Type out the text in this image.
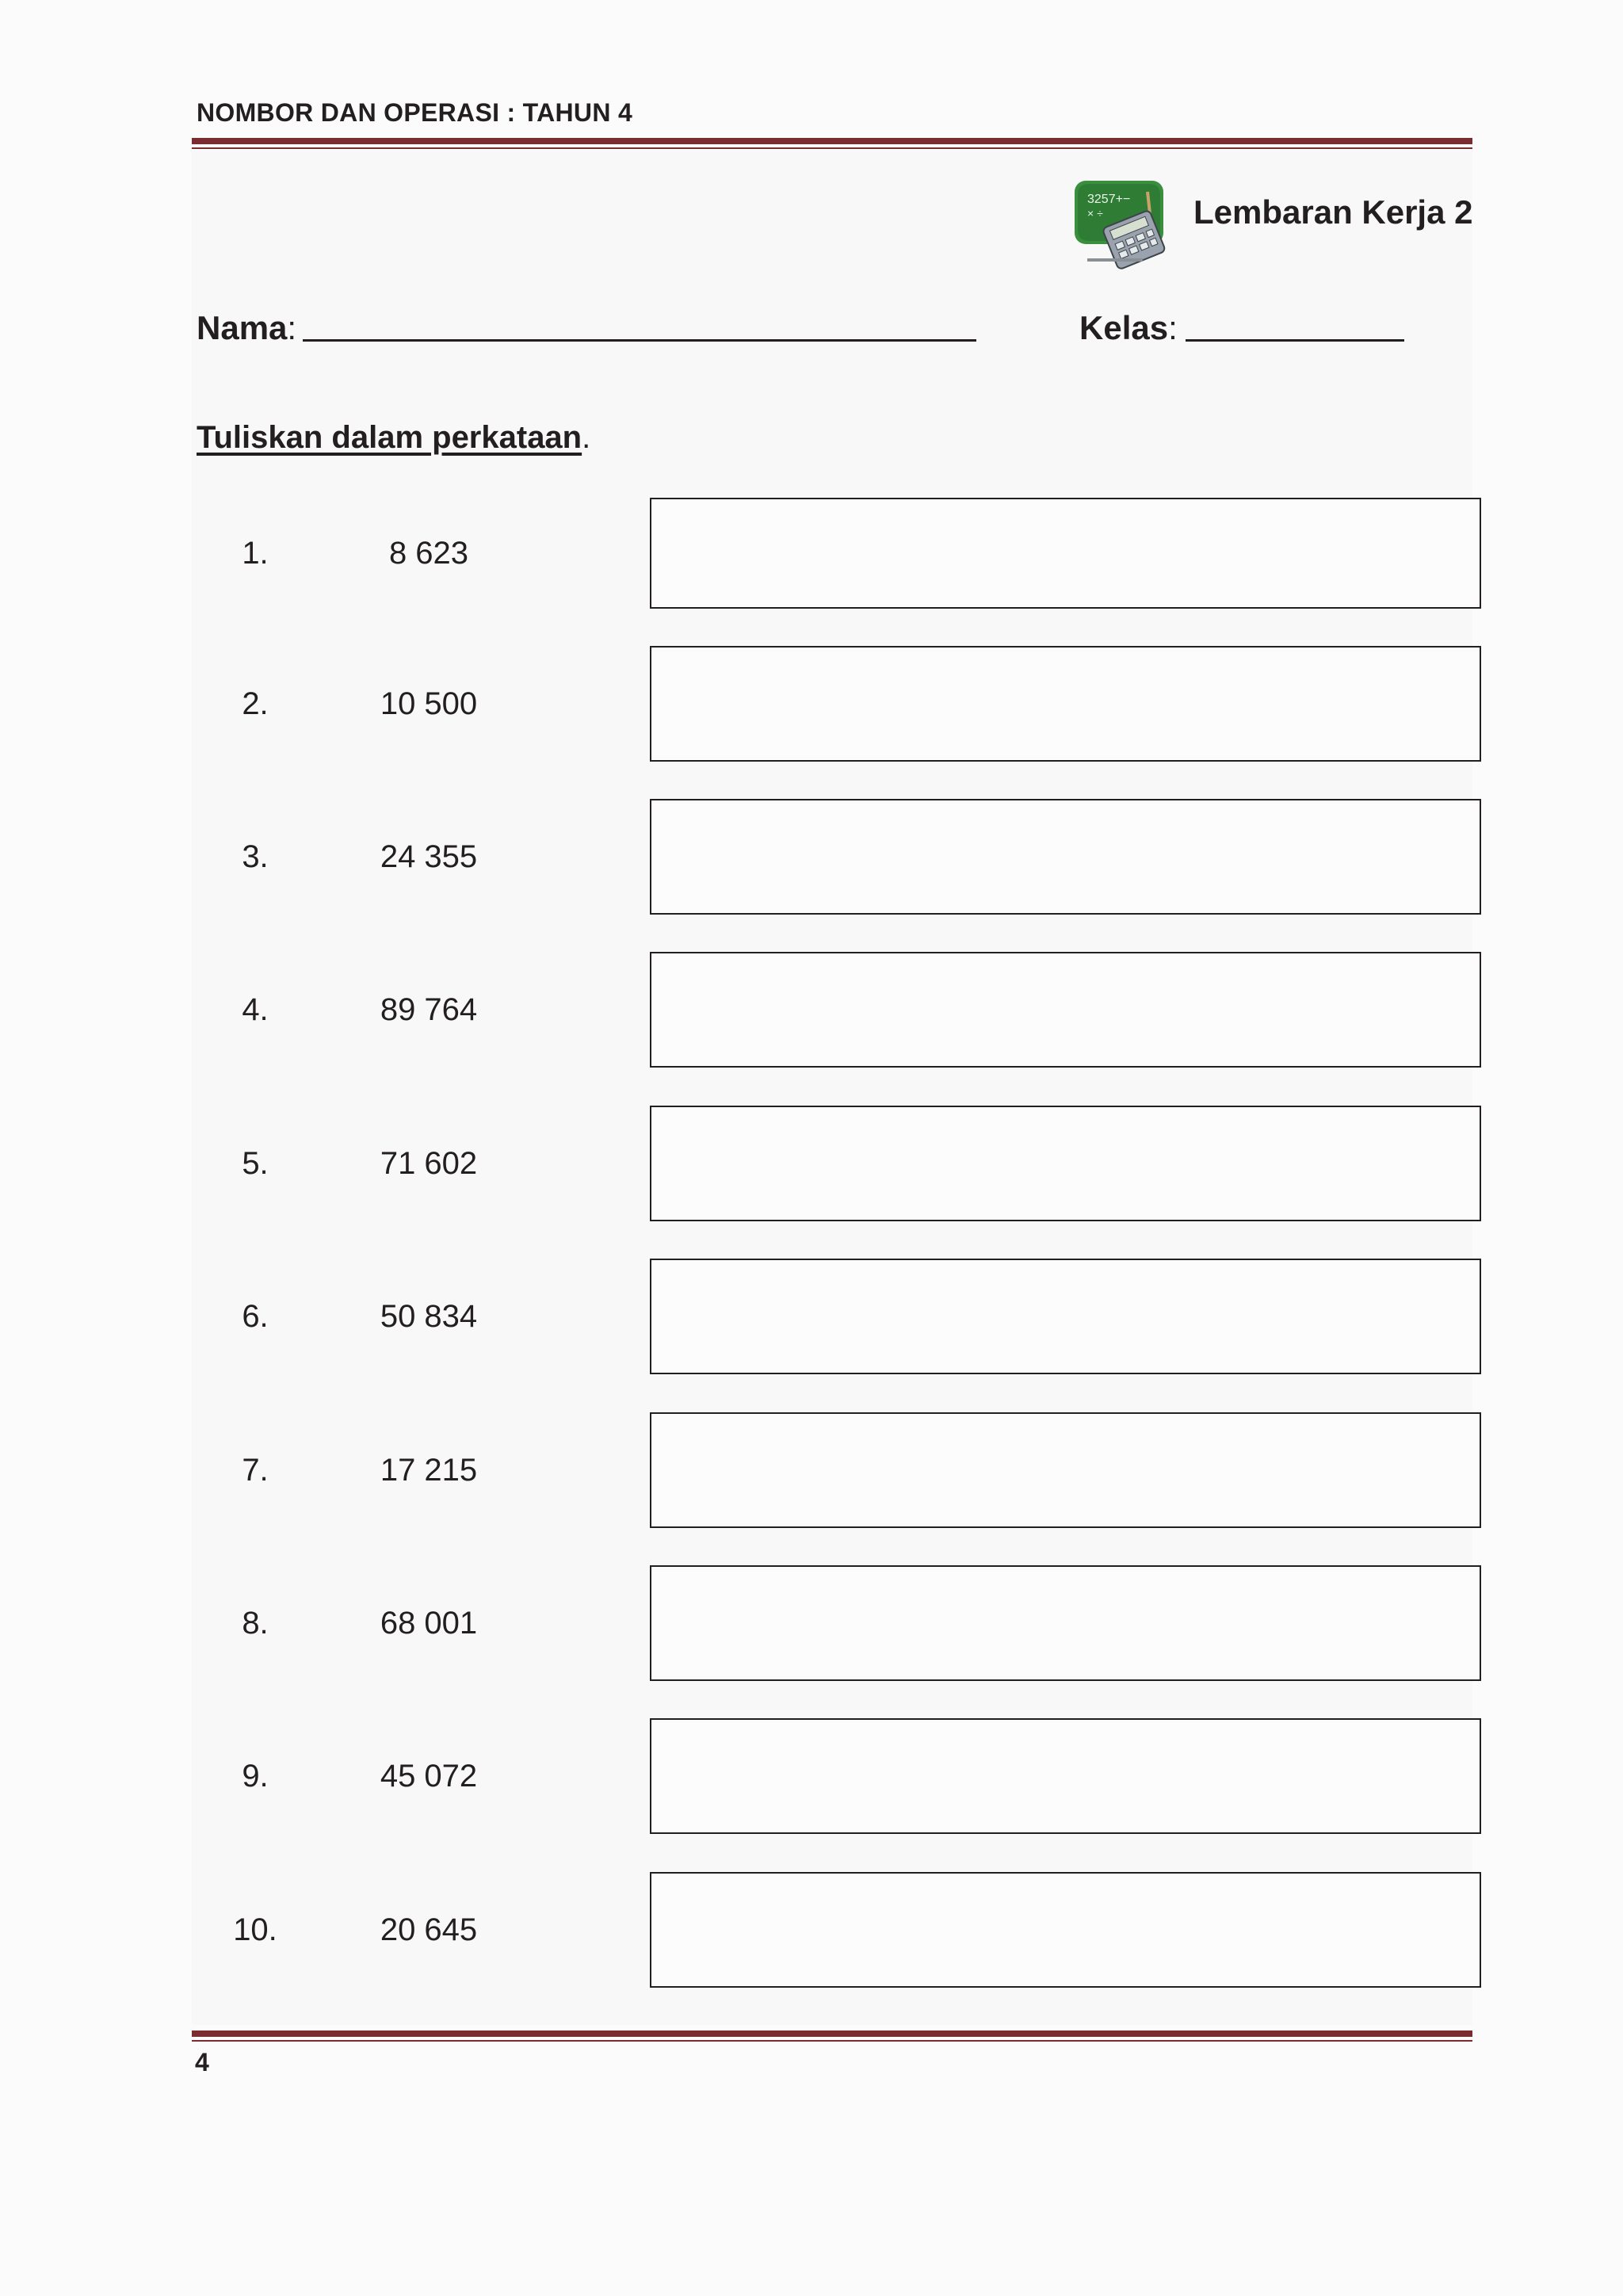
NOMBOR DAN OPERASI : TAHUN 4
3257+−
× ÷	Lembaran Kerja 2
Nama:	Kelas:
Tuliskan dalam perkataan.
1.	8 623
2.	10 500
3.	24 355
4.	89 764
5.	71 602
6.	50 834
7.	17 215
8.	68 001
9.	45 072
10.	20 645
4
